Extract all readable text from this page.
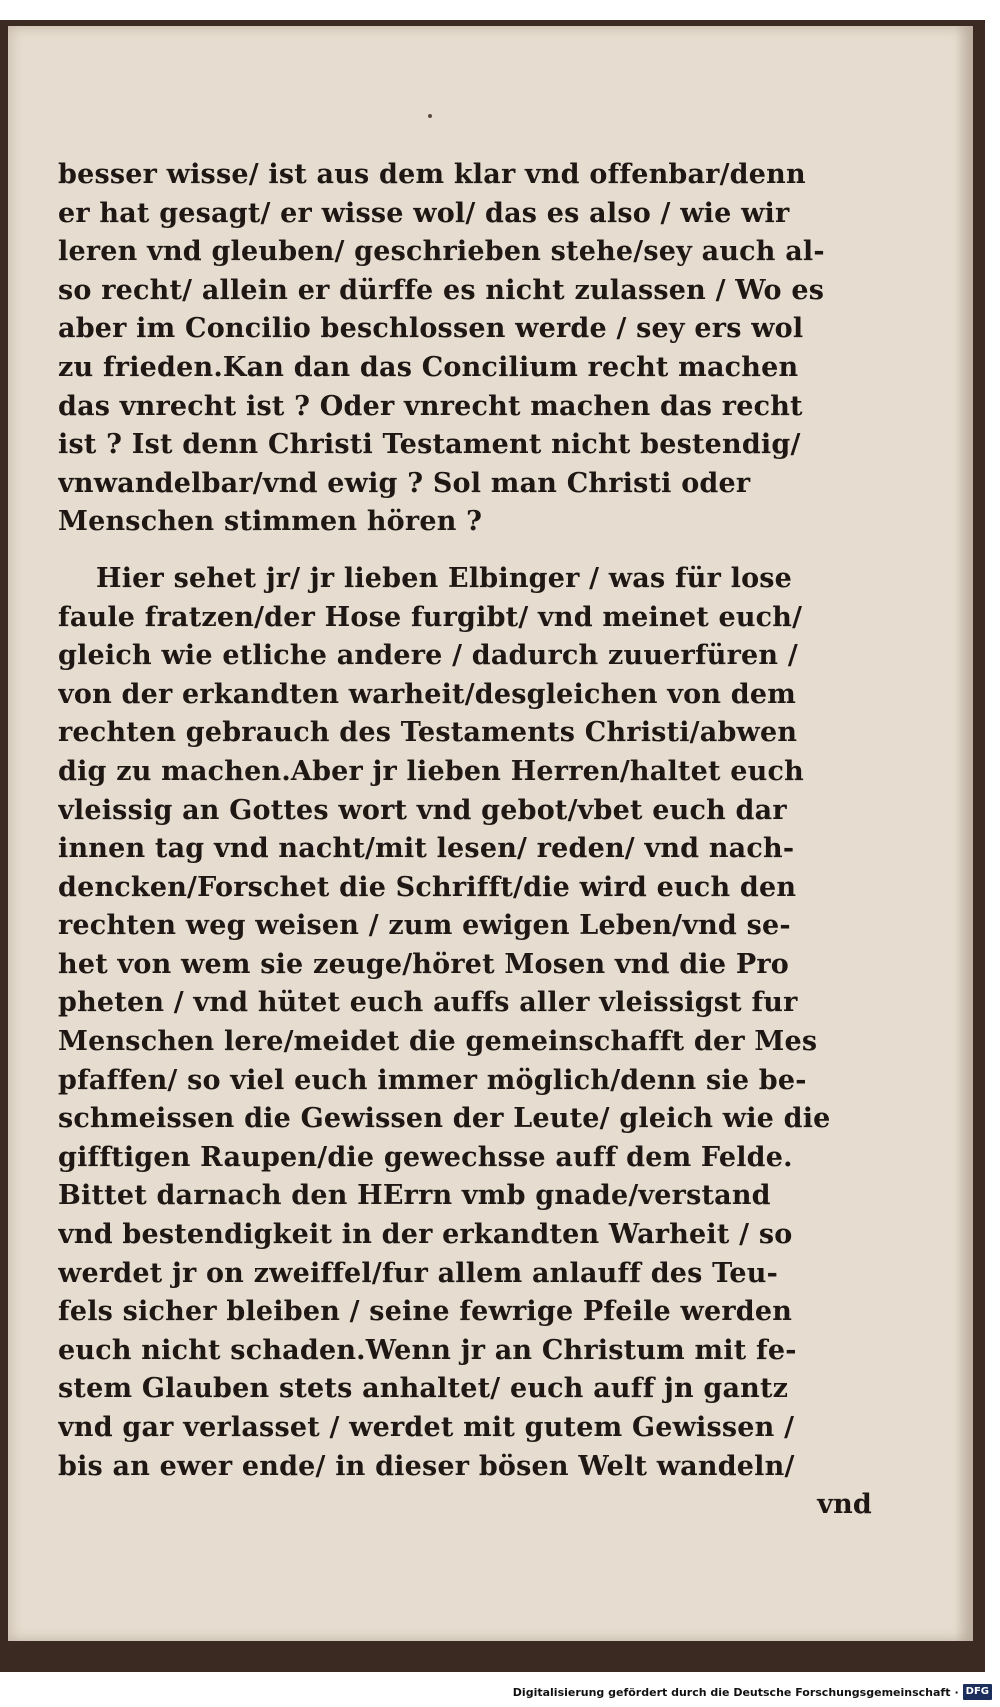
besser wisse/ ist aus dem klar vnd offenbar/denn
er hat gesagt/ er wisse wol/ das es also / wie wir
leren vnd gleuben/ geschrieben stehe/sey auch al-
so recht/ allein er dürffe es nicht zulassen / Wo es
aber im Concilio beschlossen werde / sey ers wol
zu frieden.Kan dan das Concilium recht machen
das vnrecht ist ? Oder vnrecht machen das recht
ist ? Ist denn Christi Testament nicht bestendig/
vnwandelbar/vnd ewig ? Sol man Christi oder
Menschen stimmen hören ?
Hier sehet jr/ jr lieben Elbinger / was für lose
faule fratzen/der Hose furgibt/ vnd meinet euch/
gleich wie etliche andere / dadurch zuuerfüren /
von der erkandten warheit/desgleichen von dem
rechten gebrauch des Testaments Christi/abwen
dig zu machen.Aber jr lieben Herren/haltet euch
vleissig an Gottes wort vnd gebot/vbet euch dar
innen tag vnd nacht/mit lesen/ reden/ vnd nach-
dencken/Forschet die Schrifft/die wird euch den
rechten weg weisen / zum ewigen Leben/vnd se-
het von wem sie zeuge/höret Mosen vnd die Pro
pheten / vnd hütet euch auffs aller vleissigst fur
Menschen lere/meidet die gemeinschafft der Mes
pfaffen/ so viel euch immer möglich/denn sie be-
schmeissen die Gewissen der Leute/ gleich wie die
gifftigen Raupen/die gewechsse auff dem Felde.
Bittet darnach den HErrn vmb gnade/verstand
vnd bestendigkeit in der erkandten Warheit / so
werdet jr on zweiffel/fur allem anlauff des Teu-
fels sicher bleiben / seine fewrige Pfeile werden
euch nicht schaden.Wenn jr an Christum mit fe-
stem Glauben stets anhaltet/ euch auff jn gantz
vnd gar verlasset / werdet mit gutem Gewissen /
bis an ewer ende/ in dieser bösen Welt wandeln/
vnd
Digitalisierung gefördert durch die Deutsche Forschungsgemeinschaft · DFG
